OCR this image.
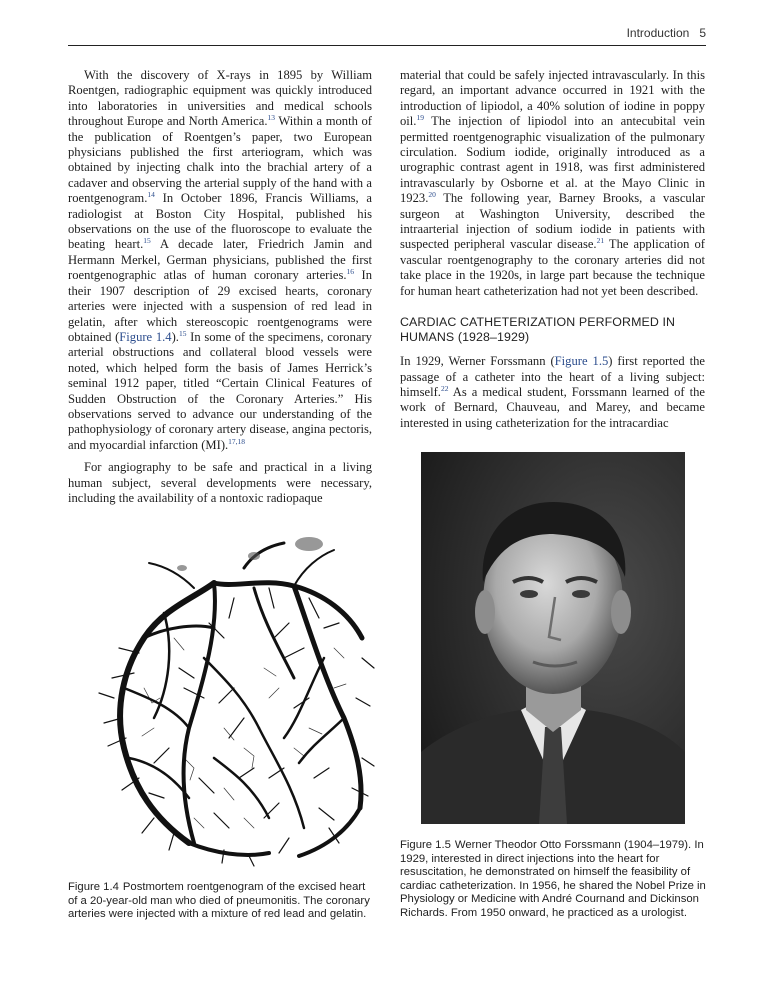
Introduction 5

With the discovery of X-rays in 1895 by William Roentgen, radiographic equipment was quickly introduced into laboratories in universities and medical schools throughout Europe and North America.$^{13}$ Within a month of the publication of Roentgen’s paper, two European physicians published the first arteriogram, which was obtained by injecting chalk into the brachial artery of a cadaver and observing the arterial supply of the hand with a roentgenogram.$^{14}$ In October 1896, Francis Williams, a radiologist at Boston City Hospital, published his observations on the use of the fluoroscope to evaluate the beating heart.$^{15}$ A decade later, Friedrich Jamin and Hermann Merkel, German physicians, published the first roentgenographic atlas of human coronary arteries.$^{16}$ In their 1907 description of 29 excised hearts, coronary arteries were injected with a suspension of red lead in gelatin, after which stereoscopic roentgenograms were obtained (Figure 1.4).$^{15}$ In some of the specimens, coronary arterial obstructions and collateral blood vessels were noted, which helped form the basis of James Herrick’s seminal 1912 paper, titled “Certain Clinical Features of Sudden Obstruction of the Coronary Arteries.” His observations served to advance our understanding of the pathophysiology of coronary artery disease, angina pectoris, and myocardial infarction (MI).$^{17,18}$

For angiography to be safe and practical in a living human subject, several developments were necessary, including the availability of a nontoxic radiopaque

material that could be safely injected intravascularly. In this regard, an important advance occurred in 1921 with the introduction of lipiodol, a 40% solution of iodine in poppy oil.$^{19}$ The injection of lipiodol into an antecubital vein permitted roentgenographic visualization of the pulmonary circulation. Sodium iodide, originally introduced as a urographic contrast agent in 1918, was first administered intravascularly by Osborne et al. at the Mayo Clinic in 1923.20 The following year, Barney Brooks, a vascular surgeon at Washington University, described the intraarterial injection of sodium iodide in patients with suspected peripheral vascular disease.$^{21}$ The application of vascular roentgenography to the coronary arteries did not take place in the 1920s, in large part because the technique for human heart catheterization had not yet been described.

CARDIAC CATHETERIZATION PERFORMED IN HUMANS (1928–1929)

In 1929, Werner Forssmann (Figure 1.5) first reported the passage of a catheter into the heart of a living subject: himself.$^{22}$ As a medical student, Forssmann learned of the work of Bernard, Chauveau, and Marey, and became interested in using catheterization for the intracardiac

Figure 1.4 Postmortem roentgenogram of the excised heart of a 20-year-old man who died of pneumonitis. The coronary arteries were injected with a mixture of red lead and gelatin.
Figure 1.5 Werner Theodor Otto Forssmann (1904–1979). In 1929, interested in direct injections into the heart for resuscitation, he demonstrated on himself the feasibility of cardiac catheterization. In 1956, he shared the Nobel Prize in Physiology or Medicine with André Cournand and Dickinson Richards. From 1950 onward, he practiced as a urologist.
